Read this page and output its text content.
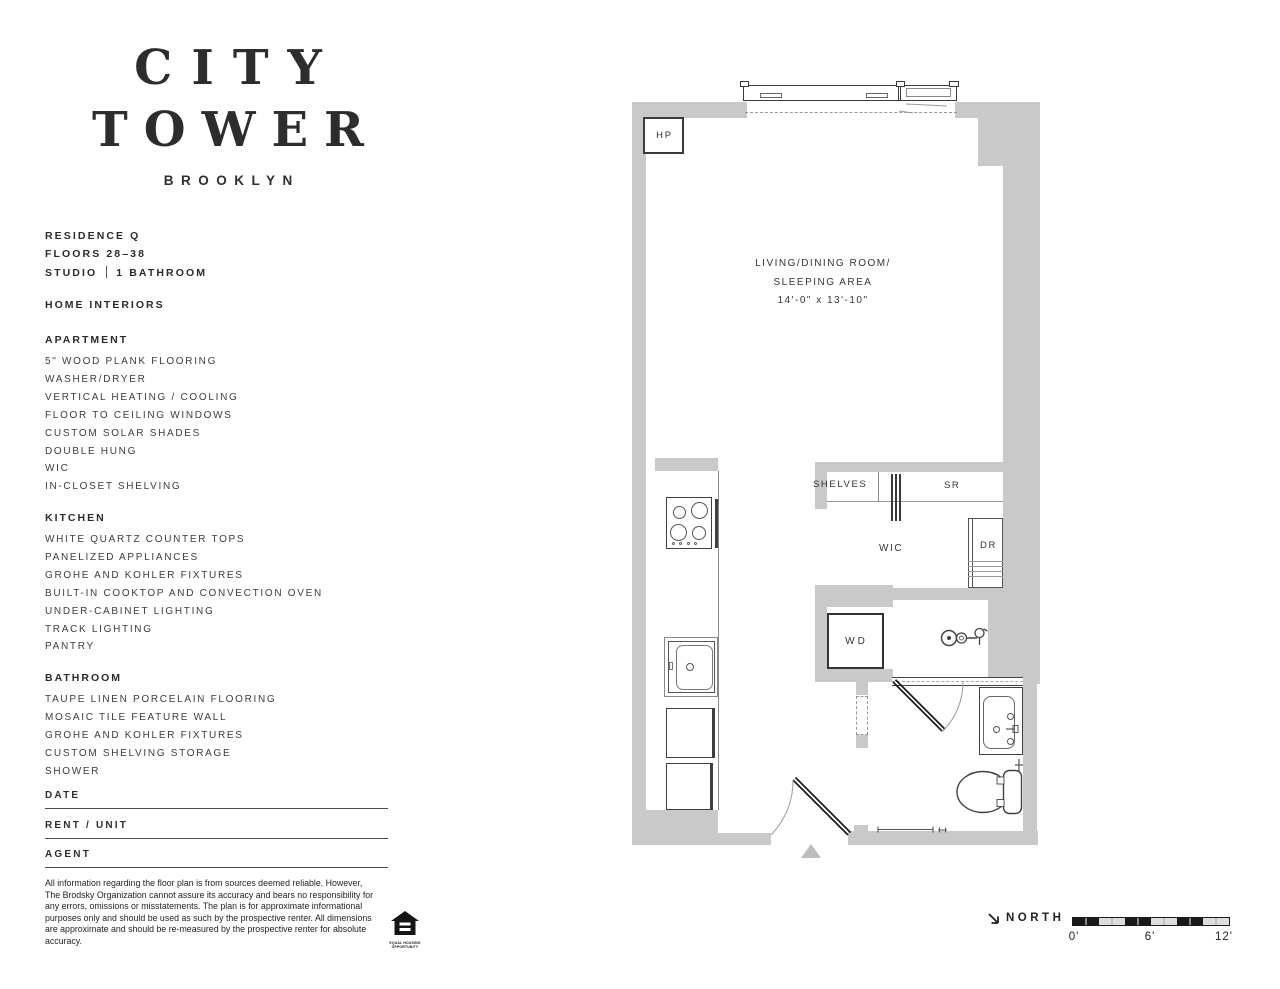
CITY
TOWER
BROOKLYN
RESIDENCE Q
FLOORS 28–38
STUDIO 1 BATHROOM
HOME INTERIORS
APARTMENT
5" WOOD PLANK FLOORING
WASHER/DRYER
VERTICAL HEATING / COOLING
FLOOR TO CEILING WINDOWS
CUSTOM SOLAR SHADES
DOUBLE HUNG
WIC
IN-CLOSET SHELVING
KITCHEN
WHITE QUARTZ COUNTER TOPS
PANELIZED APPLIANCES
GROHE AND KOHLER FIXTURES
BUILT-IN COOKTOP AND CONVECTION OVEN
UNDER-CABINET LIGHTING
TRACK LIGHTING
PANTRY
BATHROOM
TAUPE LINEN PORCELAIN FLOORING
MOSAIC TILE FEATURE WALL
GROHE AND KOHLER FIXTURES
CUSTOM SHELVING STORAGE
SHOWER
DATE
RENT / UNIT
AGENT
All information regarding the floor plan is from sources deemed reliable. However, The Brodsky Organization cannot assure its accuracy and bears no responsibility for any errors, omissions or misstatements. The plan is for approximate informational purposes only and should be used as such by the prospective renter. All dimensions are approximate and should be re-measured by the prospective renter for absolute accuracy.	EQUAL HOUSING
OPPORTUNITY
HP
LIVING/DINING ROOM/
SLEEPING AREA
14'-0" x 13'-10"
SHELVES	SR
WIC	DR
WD
NORTH
0'	6'	12'
